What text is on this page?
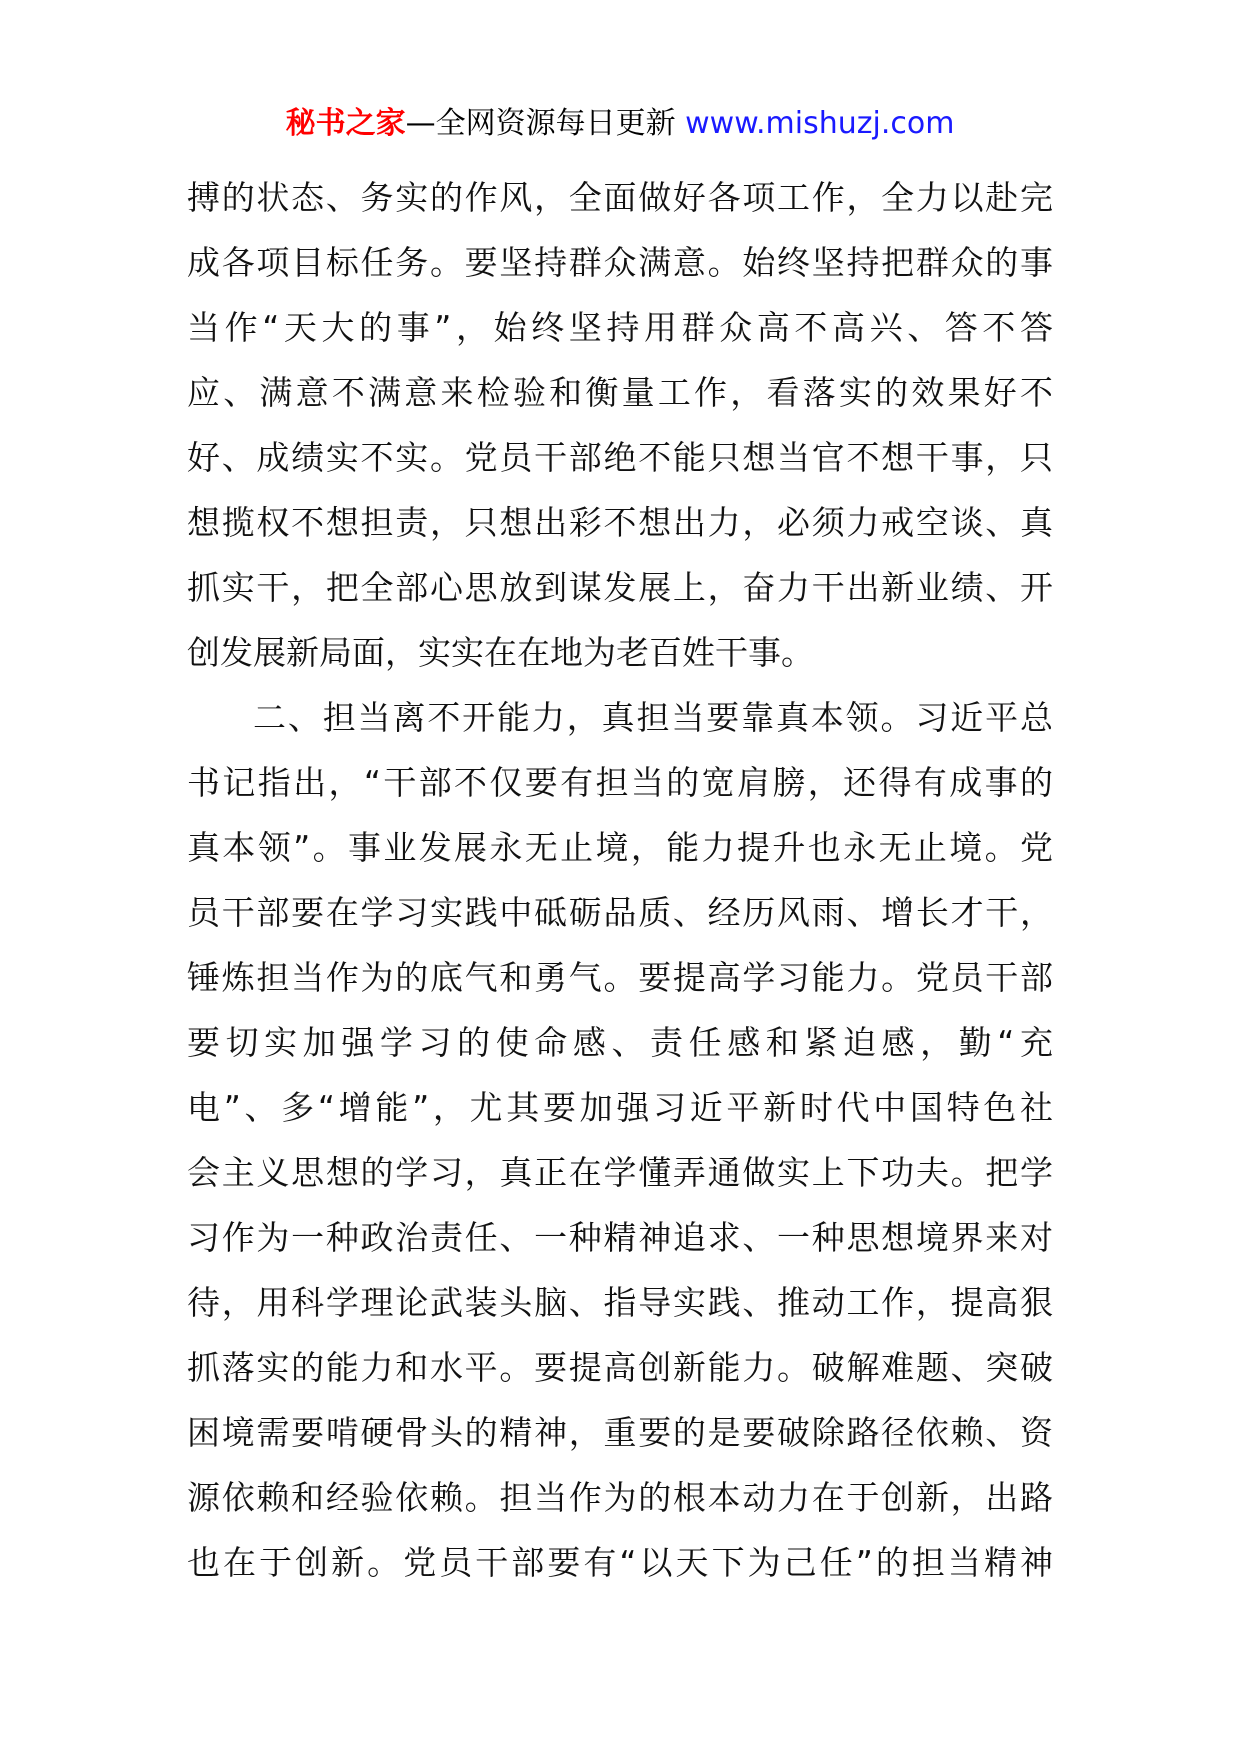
秘书之家—全网资源每日更新 www.mishuzj.com
搏的状态、务实的作风，全面做好各项工作，全力以赴完
成各项目标任务。要坚持群众满意。始终坚持把群众的事
当作“天大的事”，始终坚持用群众高不高兴、答不答
应、满意不满意来检验和衡量工作，看落实的效果好不
好、成绩实不实。党员干部绝不能只想当官不想干事，只
想揽权不想担责，只想出彩不想出力，必须力戒空谈、真
抓实干，把全部心思放到谋发展上，奋力干出新业绩、开
创发展新局面，实实在在地为老百姓干事。
二、担当离不开能力，真担当要靠真本领。习近平总
书记指出，“干部不仅要有担当的宽肩膀，还得有成事的
真本领”。事业发展永无止境，能力提升也永无止境。党
员干部要在学习实践中砥砺品质、经历风雨、增长才干，
锤炼担当作为的底气和勇气。要提高学习能力。党员干部
要切实加强学习的使命感、责任感和紧迫感，勤“充
电”、多“增能”，尤其要加强习近平新时代中国特色社
会主义思想的学习，真正在学懂弄通做实上下功夫。把学
习作为一种政治责任、一种精神追求、一种思想境界来对
待，用科学理论武装头脑、指导实践、推动工作，提高狠
抓落实的能力和水平。要提高创新能力。破解难题、突破
困境需要啃硬骨头的精神，重要的是要破除路径依赖、资
源依赖和经验依赖。担当作为的根本动力在于创新，出路
也在于创新。党员干部要有“以天下为己任”的担当精神
